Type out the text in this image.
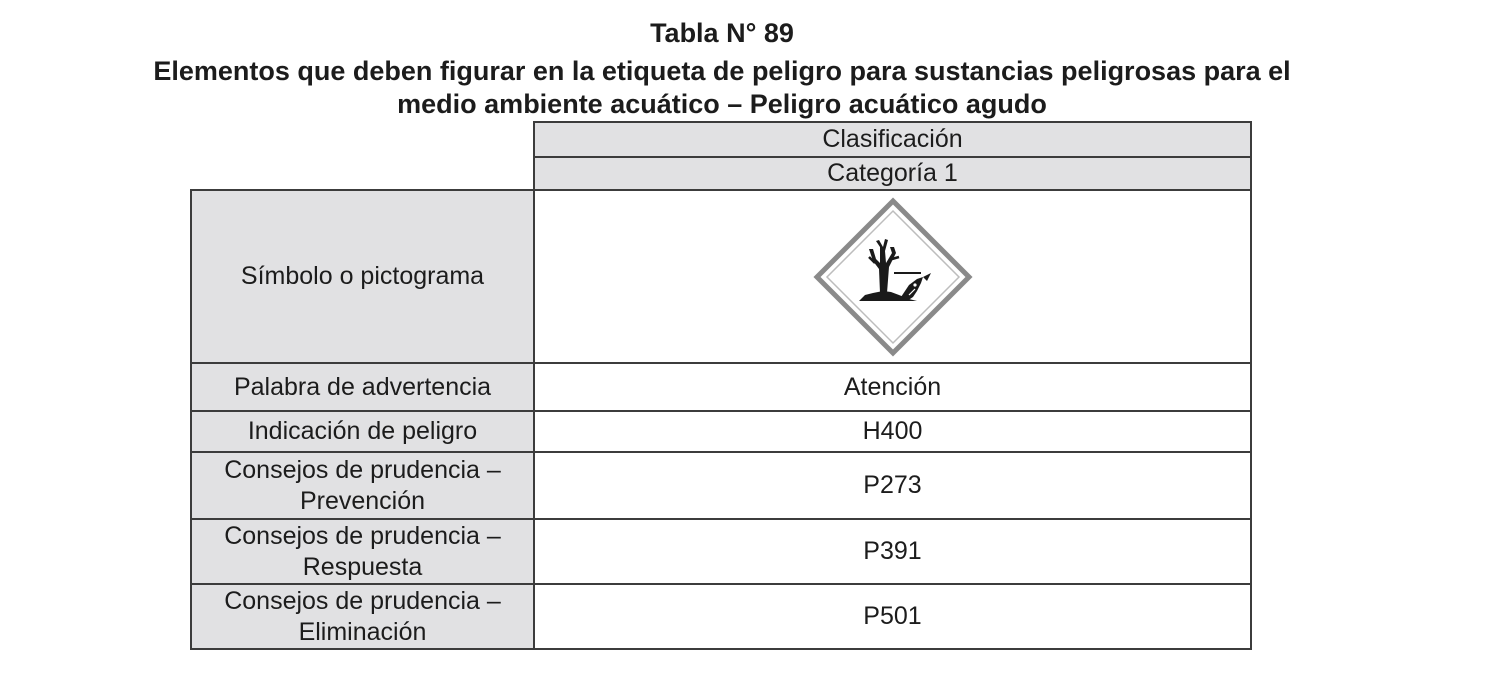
Tabla N° 89
Elementos que deben figurar en la etiqueta de peligro para sustancias peligrosas para el
medio ambiente acuático – Peligro acuático agudo
Clasificación
Categoría 1
Símbolo o pictograma
Palabra de advertencia	Atención
Indicación de peligro	H400
Consejos de prudencia –
Prevención
P273
Consejos de prudencia –
Respuesta
P391
Consejos de prudencia –
Eliminación
P501
